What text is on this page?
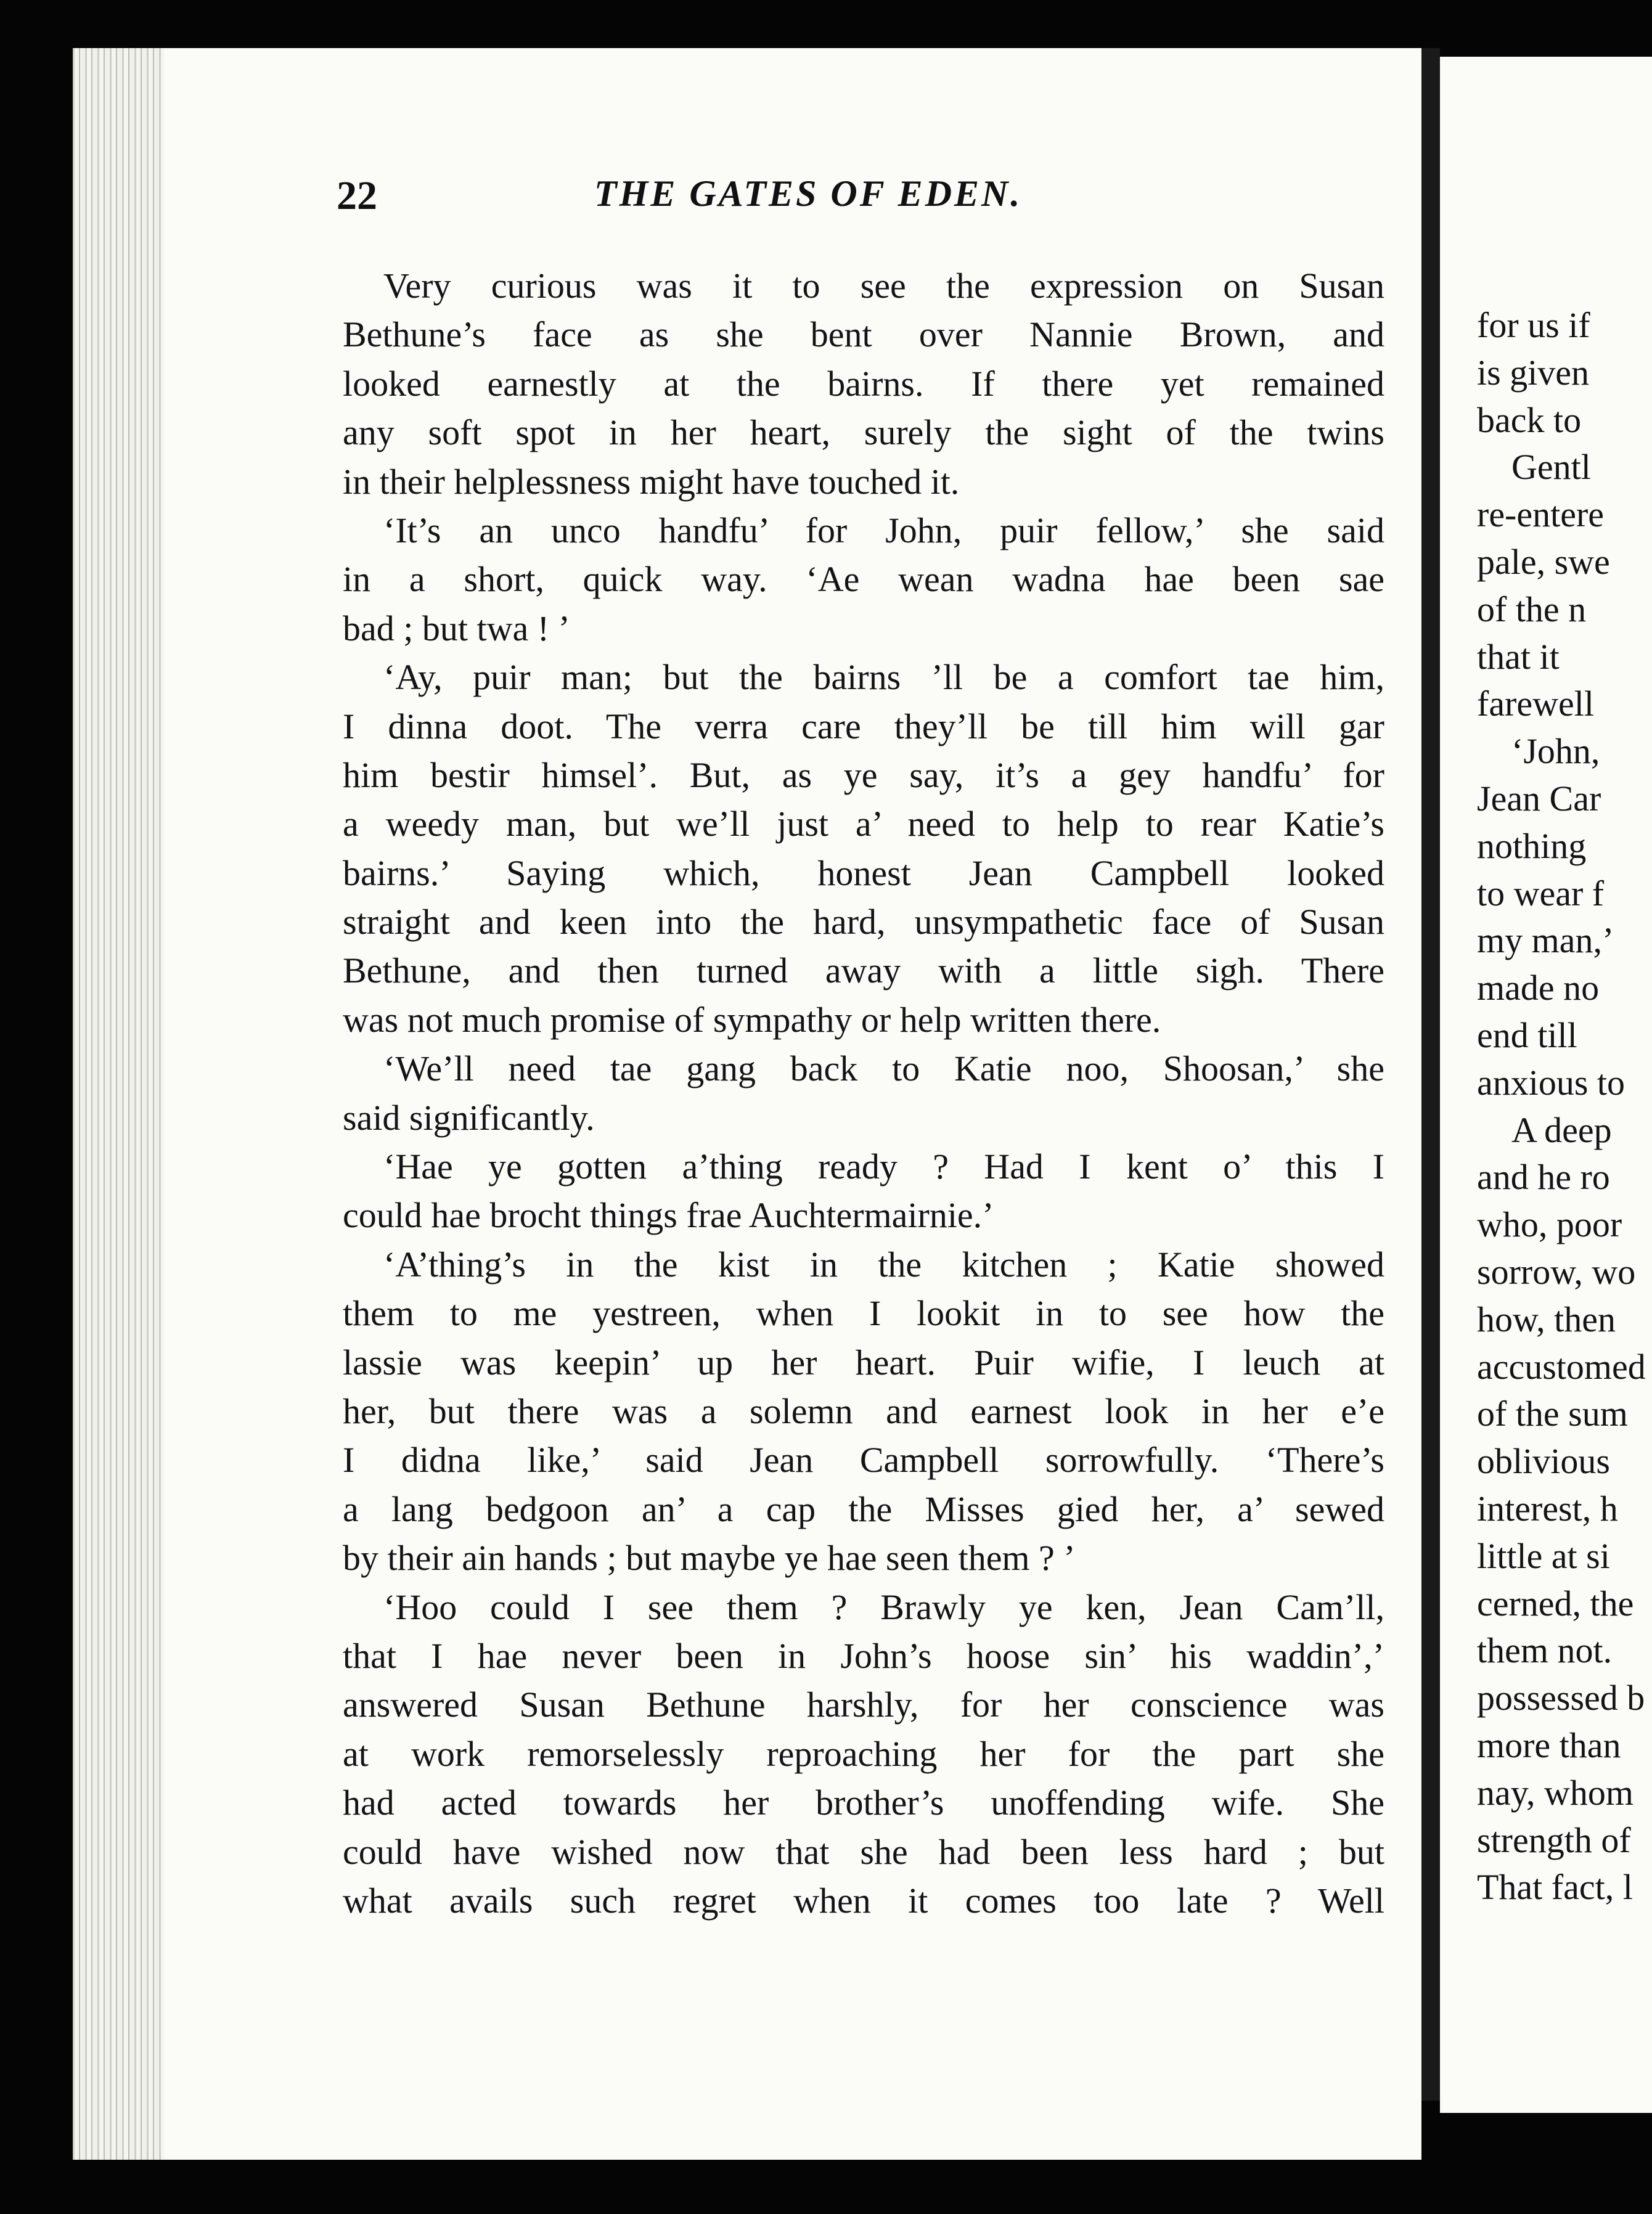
for us if
is given
back to
Gentl
re-entere
pale, swe
of the n
that it
farewell
‘John,
Jean Car
nothing
to wear f
my man,’
made no
end till
anxious to
A deep
and he ro
who, poor
sorrow, wo
how, then
accustomed
of the sum
oblivious
interest, h
little at si
cerned, the
them not.
possessed b
more than
nay, whom
strength of
That fact, l
22	THE GATES OF EDEN.
Very curious was it to see the expression on Susan
Bethune’s face as she bent over Nannie Brown, and
looked earnestly at the bairns. If there yet remained
any soft spot in her heart, surely the sight of the twins
in their helplessness might have touched it.
‘It’s an unco handfu’ for John, puir fellow,’ she said
in a short, quick way. ‘Ae wean wadna hae been sae
bad ; but twa ! ’
‘Ay, puir man; but the bairns ’ll be a comfort tae him,
I dinna doot. The verra care they’ll be till him will gar
him bestir himsel’. But, as ye say, it’s a gey handfu’ for
a weedy man, but we’ll just a’ need to help to rear Katie’s
bairns.’ Saying which, honest Jean Campbell looked
straight and keen into the hard, unsympathetic face of Susan
Bethune, and then turned away with a little sigh. There
was not much promise of sympathy or help written there.
‘We’ll need tae gang back to Katie noo, Shoosan,’ she
said significantly.
‘Hae ye gotten a’thing ready ? Had I kent o’ this I
could hae brocht things frae Auchtermairnie.’
‘A’thing’s in the kist in the kitchen ; Katie showed
them to me yestreen, when I lookit in to see how the
lassie was keepin’ up her heart. Puir wifie, I leuch at
her, but there was a solemn and earnest look in her e’e
I didna like,’ said Jean Campbell sorrowfully. ‘There’s
a lang bedgoon an’ a cap the Misses gied her, a’ sewed
by their ain hands ; but maybe ye hae seen them ? ’
‘Hoo could I see them ? Brawly ye ken, Jean Cam’ll,
that I hae never been in John’s hoose sin’ his waddin’,’
answered Susan Bethune harshly, for her conscience was
at work remorselessly reproaching her for the part she
had acted towards her brother’s unoffending wife. She
could have wished now that she had been less hard ; but
what avails such regret when it comes too late ? Well
